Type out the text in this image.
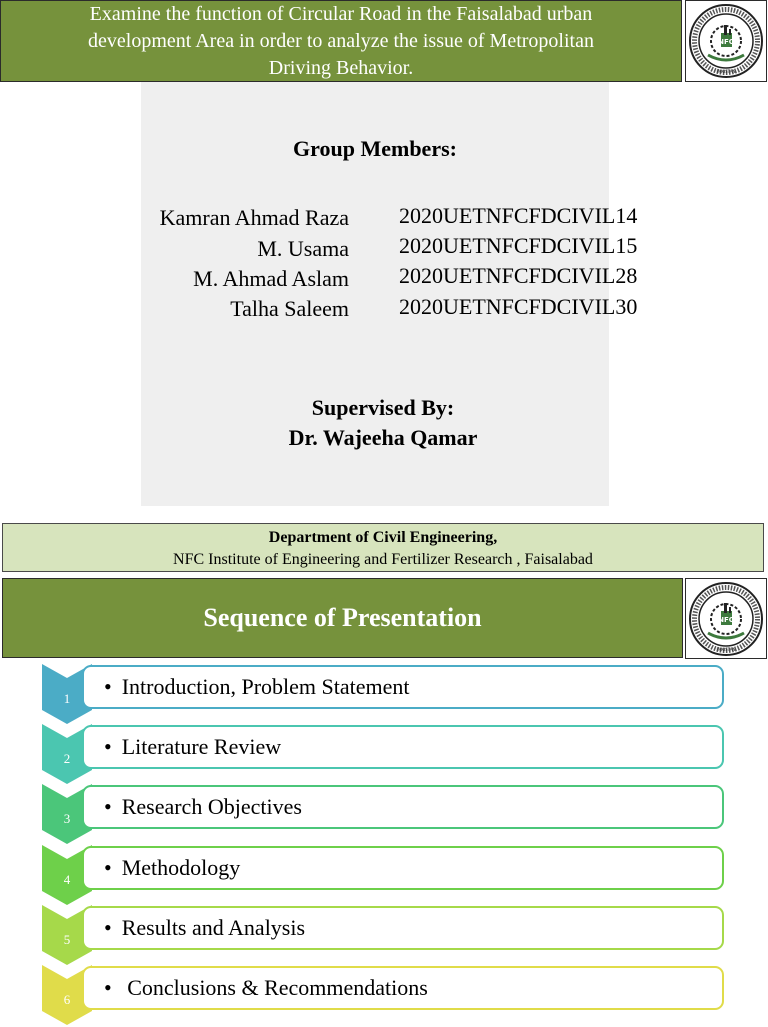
Examine the function of Circular Road in the Faisalabad urban
development Area in order to analyze the issue of Metropolitan
Driving Behavior.
NFC
PAKISTAN
Group Members:
Kamran Ahmad Raza 2020UETNFCFDCIVIL14
M. Usama 2020UETNFCFDCIVIL15
M. Ahmad Aslam 2020UETNFCFDCIVIL28
Talha Saleem 2020UETNFCFDCIVIL30
Supervised By:
Dr. Wajeeha Qamar
Department of Civil Engineering,
NFC Institute of Engineering and Fertilizer Research , Faisalabad
Sequence of Presentation	NFC
PAKISTAN
1	• Introduction, Problem Statement
2	• Literature Review
3	• Research Objectives
4	• Methodology
5	• Results and Analysis
6	• Conclusions & Recommendations
